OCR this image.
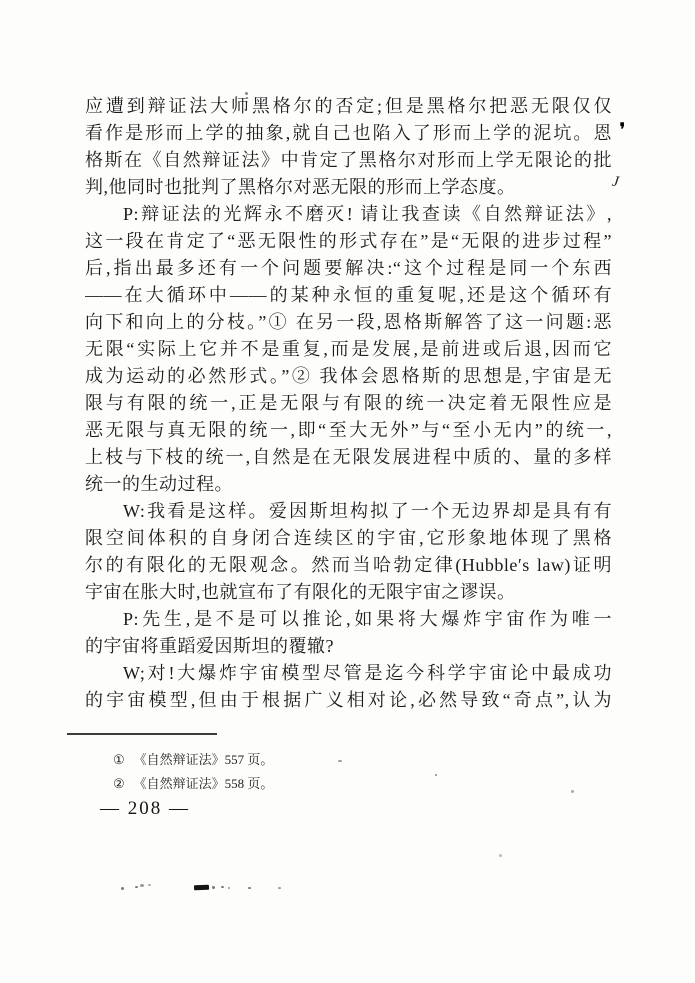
应遭到辩证法大师黑格尔的否定;但是黑格尔把恶无限仅仅
看作是形而上学的抽象,就自己也陷入了形而上学的泥坑。恩
格斯在《自然辩证法》中肯定了黑格尔对形而上学无限论的批
判,他同时也批判了黑格尔对恶无限的形而上学态度。
P:辩证法的光辉永不磨灭! 请让我查读《自然辩证法》,
这一段在肯定了“恶无限性的形式存在”是“无限的进步过程”
后,指出最多还有一个问题要解决:“这个过程是同一个东西
——在大循环中——的某种永恒的重复呢,还是这个循环有
向下和向上的分枝。”① 在另一段,恩格斯解答了这一问题:恶
无限“实际上它并不是重复,而是发展,是前进或后退,因而它
成为运动的必然形式。”② 我体会恩格斯的思想是,宇宙是无
限与有限的统一,正是无限与有限的统一决定着无限性应是
恶无限与真无限的统一,即“至大无外”与“至小无内”的统一,
上枝与下枝的统一,自然是在无限发展进程中质的、量的多样
统一的生动过程。
W:我看是这样。爱因斯坦构拟了一个无边界却是具有有
限空间体积的自身闭合连续区的宇宙,它形象地体现了黑格
尔的有限化的无限观念。然而当哈勃定律(Hubble′s law)证明
宇宙在胀大时,也就宣布了有限化的无限宇宙之谬误。
P:先生,是不是可以推论,如果将大爆炸宇宙作为唯一
的宇宙将重蹈爱因斯坦的覆辙?
W;对!大爆炸宇宙模型尽管是迄今科学宇宙论中最成功
的宇宙模型,但由于根据广义相对论,必然导致“奇点”,认为
① 《自然辩证法》557 页。
② 《自然辩证法》558 页。
— 208 —
❜
J
